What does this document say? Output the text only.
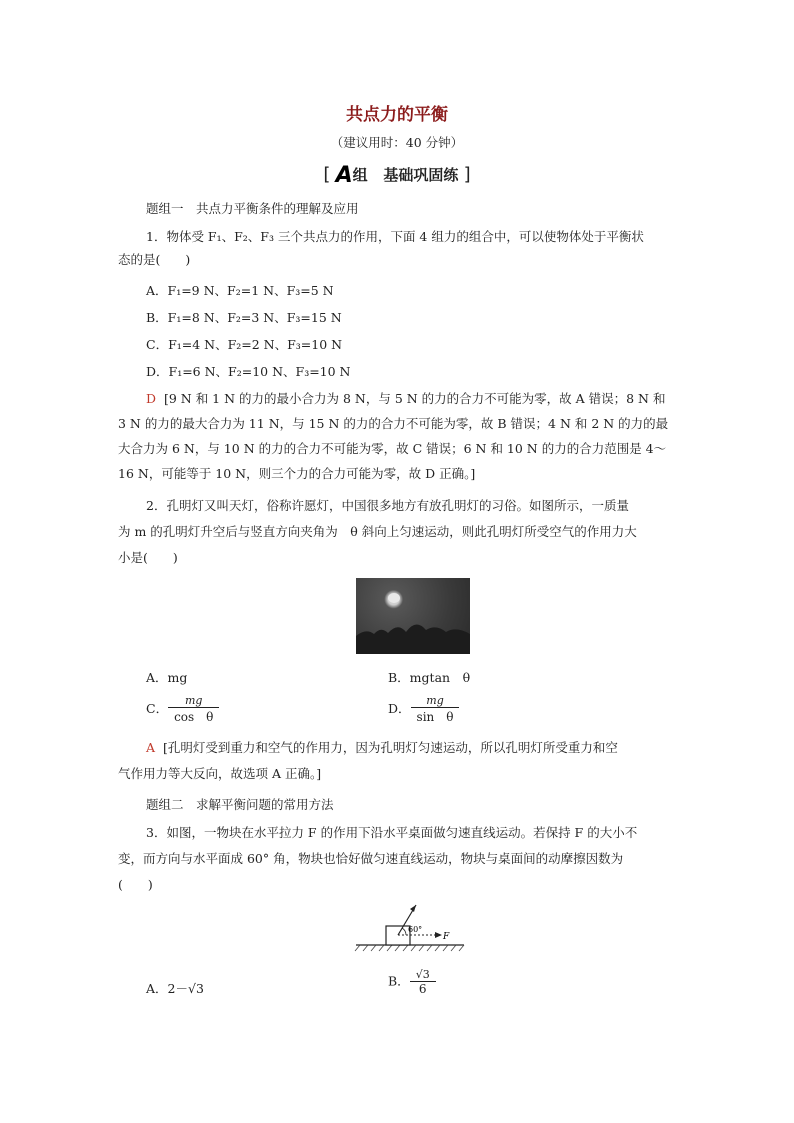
共点力的平衡
（建议用时：40 分钟）
[ A组 基础巩固练 ]
题组一　共点力平衡条件的理解及应用
1．物体受 F₁、F₂、F₃ 三个共点力的作用，下面 4 组力的组合中，可以使物体处于平衡状
态的是(　　)
A．F₁=9 N、F₂=1 N、F₃=5 N
B．F₁=8 N、F₂=3 N、F₃=15 N
C．F₁=4 N、F₂=2 N、F₃=10 N
D．F₁=6 N、F₂=10 N、F₃=10 N
D [9 N 和 1 N 的力的最小合力为 8 N，与 5 N 的力的合力不可能为零，故 A 错误；8 N 和
3 N 的力的最大合力为 11 N，与 15 N 的力的合力不可能为零，故 B 错误；4 N 和 2 N 的力的最
大合力为 6 N，与 10 N 的力的合力不可能为零，故 C 错误；6 N 和 10 N 的力的合力范围是 4～
16 N，可能等于 10 N，则三个力的合力可能为零，故 D 正确。]
2．孔明灯又叫天灯，俗称许愿灯，中国很多地方有放孔明灯的习俗。如图所示，一质量
为 m 的孔明灯升空后与竖直方向夹角为　θ 斜向上匀速运动，则此孔明灯所受空气的作用力大
小是(　　)
A．mg	B．mgtan　θ
C． $\frac{mg}{\text{cos　θ}}$	D． $\frac{mg}{\text{sin　θ}}$
A [孔明灯受到重力和空气的作用力，因为孔明灯匀速运动，所以孔明灯所受重力和空
气作用力等大反向，故选项 A 正确。]
题组二　求解平衡问题的常用方法
3．如图，一物块在水平拉力 F 的作用下沿水平桌面做匀速直线运动。若保持 F 的大小不
变，而方向与水平面成 60° 角，物块也恰好做匀速直线运动，物块与桌面间的动摩擦因数为
(　　)
60°
F
A．2－√3	B． $\frac{√3}{6}$
